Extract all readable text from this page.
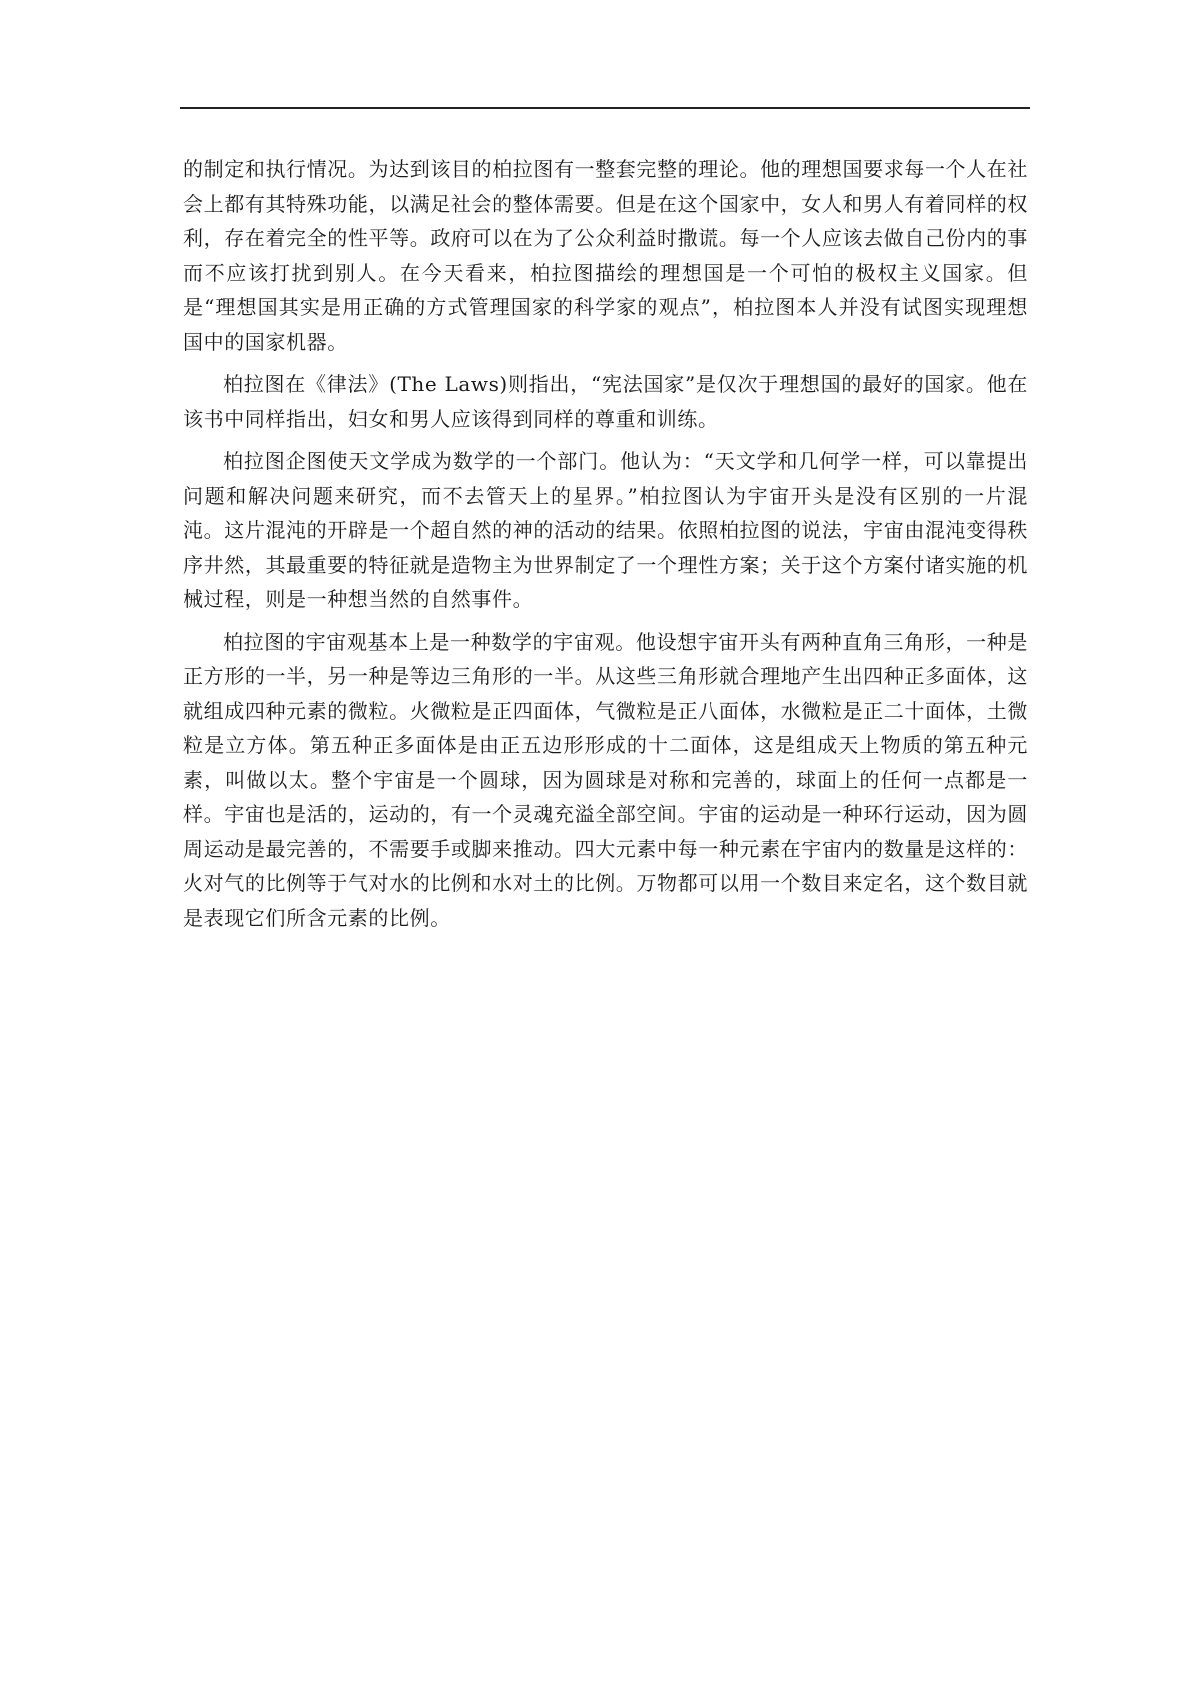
的制定和执行情况。为达到该目的柏拉图有一整套完整的理论。他的理想国要求每一个人在社会上都有其特殊功能，以满足社会的整体需要。但是在这个国家中，女人和男人有着同样的权利，存在着完全的性平等。政府可以在为了公众利益时撒谎。每一个人应该去做自己份内的事而不应该打扰到别人。在今天看来，柏拉图描绘的理想国是一个可怕的极权主义国家。但是“理想国其实是用正确的方式管理国家的科学家的观点”，柏拉图本人并没有试图实现理想国中的国家机器。

柏拉图在《律法》(The Laws)则指出，“宪法国家”是仅次于理想国的最好的国家。他在该书中同样指出，妇女和男人应该得到同样的尊重和训练。

柏拉图企图使天文学成为数学的一个部门。他认为：“天文学和几何学一样，可以靠提出问题和解决问题来研究，而不去管天上的星界。”柏拉图认为宇宙开头是没有区别的一片混沌。这片混沌的开辟是一个超自然的神的活动的结果。依照柏拉图的说法，宇宙由混沌变得秩序井然，其最重要的特征就是造物主为世界制定了一个理性方案；关于这个方案付诸实施的机械过程，则是一种想当然的自然事件。

柏拉图的宇宙观基本上是一种数学的宇宙观。他设想宇宙开头有两种直角三角形，一种是正方形的一半，另一种是等边三角形的一半。从这些三角形就合理地产生出四种正多面体，这就组成四种元素的微粒。火微粒是正四面体，气微粒是正八面体，水微粒是正二十面体，土微粒是立方体。第五种正多面体是由正五边形形成的十二面体，这是组成天上物质的第五种元素，叫做以太。整个宇宙是一个圆球，因为圆球是对称和完善的，球面上的任何一点都是一样。宇宙也是活的，运动的，有一个灵魂充溢全部空间。宇宙的运动是一种环行运动，因为圆周运动是最完善的，不需要手或脚来推动。四大元素中每一种元素在宇宙内的数量是这样的：火对气的比例等于气对水的比例和水对土的比例。万物都可以用一个数目来定名，这个数目就是表现它们所含元素的比例。
